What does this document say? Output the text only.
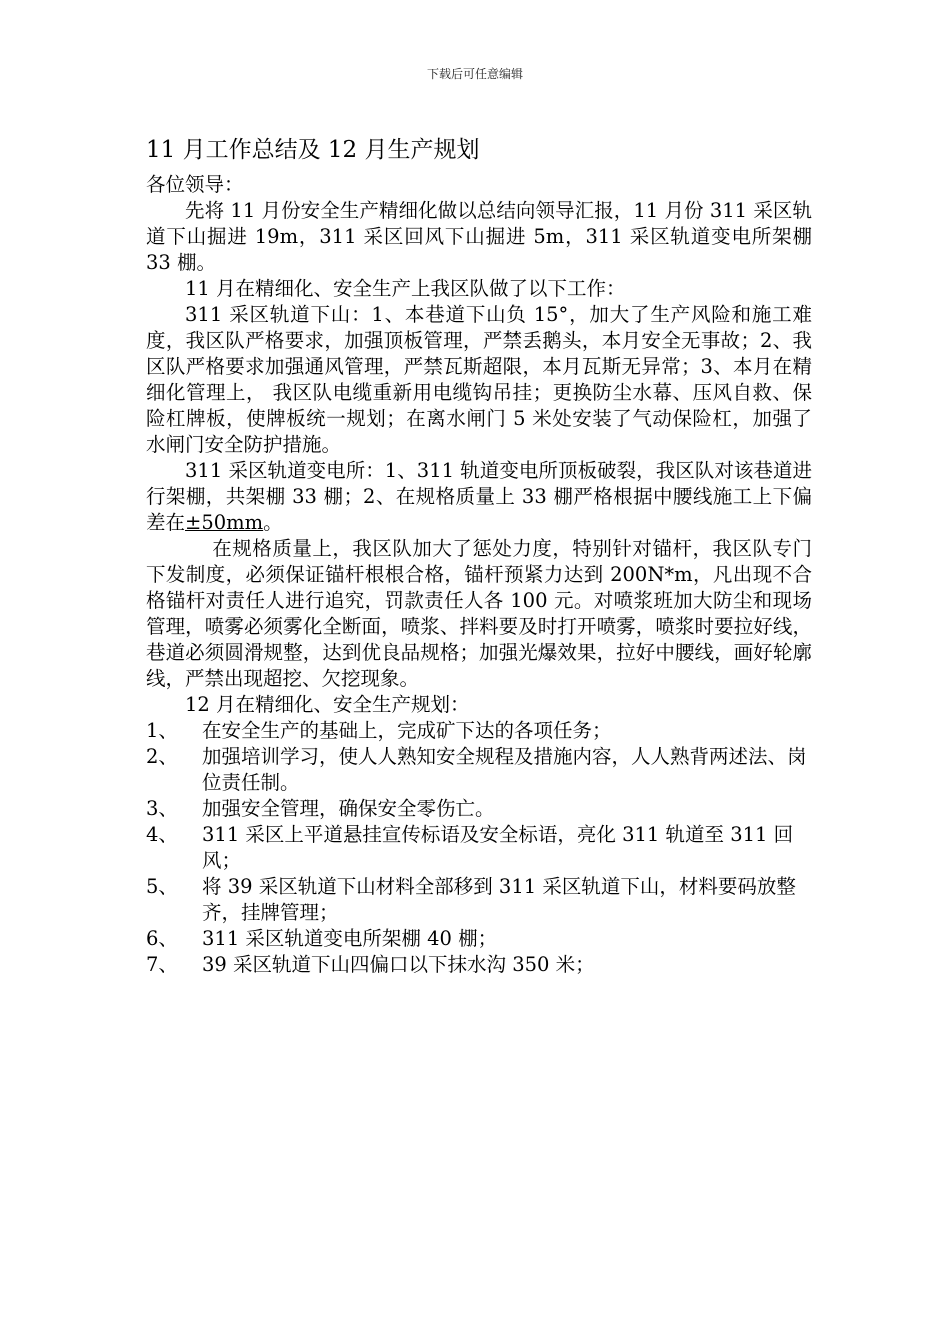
下载后可任意编辑
11 月工作总结及 12 月生产规划

各位领导：

先将 11 月份安全生产精细化做以总结向领导汇报，11 月份 311 采区轨道下山掘进 19m，311 采区回风下山掘进 5m，311 采区轨道变电所架棚 33 棚。

11 月在精细化、安全生产上我区队做了以下工作：

311 采区轨道下山：1、本巷道下山负 15°，加大了生产风险和施工难度，我区队严格要求，加强顶板管理，严禁丢鹅头，本月安全无事故；2、我区队严格要求加强通风管理，严禁瓦斯超限，本月瓦斯无异常；3、本月在精细化管理上， 我区队电缆重新用电缆钩吊挂；更换防尘水幕、压风自救、保险杠牌板，使牌板统一规划；在离水闸门 5 米处安装了气动保险杠，加强了水闸门安全防护措施。

311 采区轨道变电所：1、311 轨道变电所顶板破裂，我区队对该巷道进行架棚，共架棚 33 棚；2、在规格质量上 33 棚严格根据中腰线施工上下偏差在±50mm。

在规格质量上，我区队加大了惩处力度，特别针对锚杆，我区队专门下发制度，必须保证锚杆根根合格，锚杆预紧力达到 200N*m，凡出现不合格锚杆对责任人进行追究，罚款责任人各 100 元。对喷浆班加大防尘和现场管理，喷雾必须雾化全断面，喷浆、拌料要及时打开喷雾，喷浆时要拉好线，巷道必须圆滑规整，达到优良品规格；加强光爆效果，拉好中腰线，画好轮廓线，严禁出现超挖、欠挖现象。

12 月在精细化、安全生产规划：

1、	在安全生产的基础上，完成矿下达的各项任务；
2、	加强培训学习，使人人熟知安全规程及措施内容，人人熟背两述法、岗位责任制。
3、	加强安全管理，确保安全零伤亡。
4、	311 采区上平道悬挂宣传标语及安全标语，亮化 311 轨道至 311 回风；
5、	将 39 采区轨道下山材料全部移到 311 采区轨道下山，材料要码放整齐，挂牌管理；
6、	311 采区轨道变电所架棚 40 棚；
7、	39 采区轨道下山四偏口以下抹水沟 350 米；
